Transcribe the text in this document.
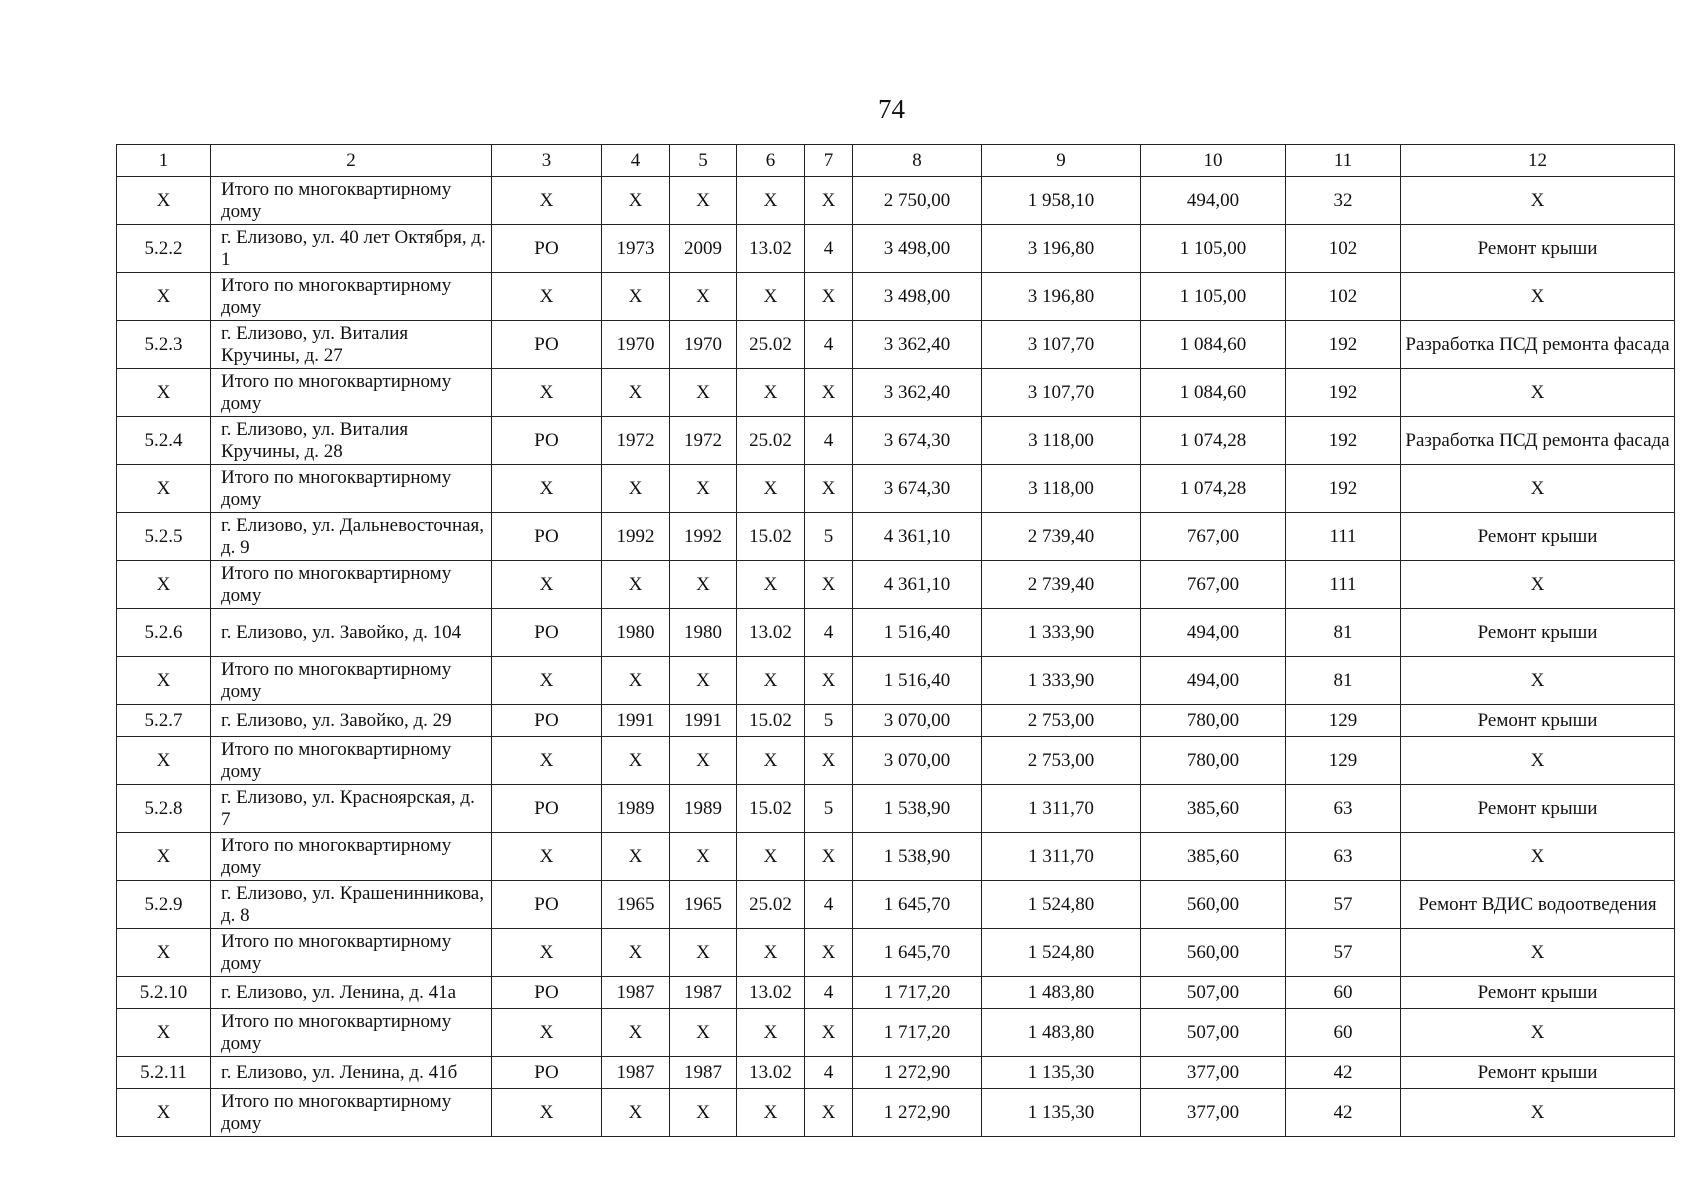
74
1	2	3	4	5	6	7	8	9	10	11	12
X	Итого по многоквартирному дому	X	X	X	X	X	2 750,00	1 958,10	494,00	32	X
5.2.2	г. Елизово, ул. 40 лет Октября, д. 1	РО	1973	2009	13.02	4	3 498,00	3 196,80	1 105,00	102	Ремонт крыши
X	Итого по многоквартирному дому	X	X	X	X	X	3 498,00	3 196,80	1 105,00	102	X
5.2.3	г. Елизово, ул. Виталия Кручины, д. 27	РО	1970	1970	25.02	4	3 362,40	3 107,70	1 084,60	192	Разработка ПСД ремонта фасада
X	Итого по многоквартирному дому	X	X	X	X	X	3 362,40	3 107,70	1 084,60	192	X
5.2.4	г. Елизово, ул. Виталия Кручины, д. 28	РО	1972	1972	25.02	4	3 674,30	3 118,00	1 074,28	192	Разработка ПСД ремонта фасада
X	Итого по многоквартирному дому	X	X	X	X	X	3 674,30	3 118,00	1 074,28	192	X
5.2.5	г. Елизово, ул. Дальневосточная, д. 9	РО	1992	1992	15.02	5	4 361,10	2 739,40	767,00	111	Ремонт крыши
X	Итого по многоквартирному дому	X	X	X	X	X	4 361,10	2 739,40	767,00	111	X
5.2.6	г. Елизово, ул. Завойко, д. 104	РО	1980	1980	13.02	4	1 516,40	1 333,90	494,00	81	Ремонт крыши
X	Итого по многоквартирному дому	X	X	X	X	X	1 516,40	1 333,90	494,00	81	X
5.2.7	г. Елизово, ул. Завойко, д. 29	РО	1991	1991	15.02	5	3 070,00	2 753,00	780,00	129	Ремонт крыши
X	Итого по многоквартирному дому	X	X	X	X	X	3 070,00	2 753,00	780,00	129	X
5.2.8	г. Елизово, ул. Красноярская, д. 7	РО	1989	1989	15.02	5	1 538,90	1 311,70	385,60	63	Ремонт крыши
X	Итого по многоквартирному дому	X	X	X	X	X	1 538,90	1 311,70	385,60	63	X
5.2.9	г. Елизово, ул. Крашенинникова, д. 8	РО	1965	1965	25.02	4	1 645,70	1 524,80	560,00	57	Ремонт ВДИС водоотведения
X	Итого по многоквартирному дому	X	X	X	X	X	1 645,70	1 524,80	560,00	57	X
5.2.10	г. Елизово, ул. Ленина, д. 41а	РО	1987	1987	13.02	4	1 717,20	1 483,80	507,00	60	Ремонт крыши
X	Итого по многоквартирному дому	X	X	X	X	X	1 717,20	1 483,80	507,00	60	X
5.2.11	г. Елизово, ул. Ленина, д. 41б	РО	1987	1987	13.02	4	1 272,90	1 135,30	377,00	42	Ремонт крыши
X	Итого по многоквартирному дому	X	X	X	X	X	1 272,90	1 135,30	377,00	42	X
